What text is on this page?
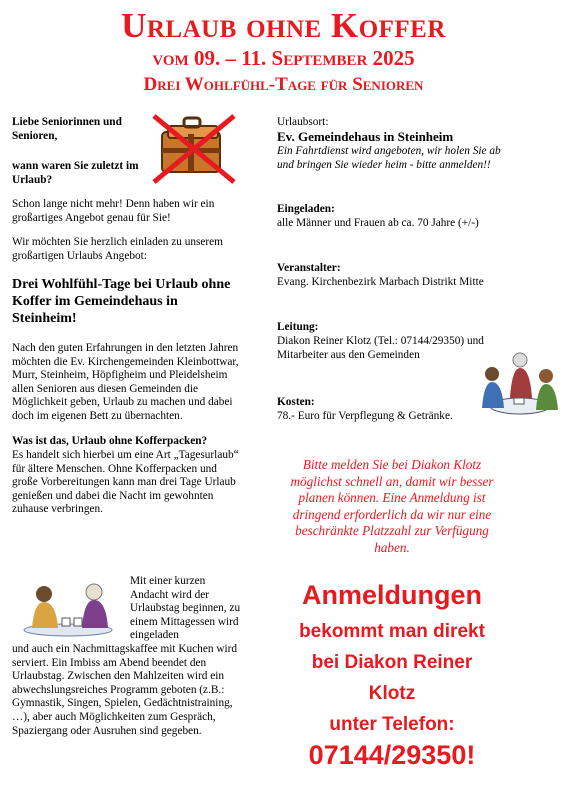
Urlaub ohne Koffer
vom 09. – 11. September 2025
Drei Wohlfühl-Tage für Senioren
Liebe Seniorinnen und Senioren,
wann waren Sie zuletzt im Urlaub?
Schon lange nicht mehr! Denn haben wir ein großartiges Angebot genau für Sie!
Wir möchten Sie herzlich einladen zu unserem großartigen Urlaubs Angebot:
Drei Wohlfühl-Tage bei Urlaub ohne Koffer im Gemeindehaus in Steinheim!
Nach den guten Erfahrungen in den letzten Jahren möchten die Ev. Kirchengemeinden Kleinbottwar, Murr, Steinheim, Höpfigheim und Pleidelsheim allen Senioren aus diesen Gemeinden die Möglichkeit geben, Urlaub zu machen und dabei doch im eigenen Bett zu übernachten.
Was ist das, Urlaub ohne Kofferpacken?
Es handelt sich hierbei um eine Art „Tagesurlaub“ für ältere Menschen. Ohne Kofferpacken und große Vorbereitungen kann man drei Tage Urlaub genießen und dabei die Nacht im gewohnten zuhause verbringen.
Mit einer kurzen Andacht wird der Urlaubstag beginnen, zu einem Mittagessen wird eingeladen
und auch ein Nachmittagskaffee mit Kuchen wird serviert. Ein Imbiss am Abend beendet den Urlaubstag. Zwischen den Mahlzeiten wird ein abwechslungsreiches Programm geboten (z.B.: Gymnastik, Singen, Spielen, Gedächtnistraining, …), aber auch Möglichkeiten zum Gespräch, Spaziergang oder Ausruhen sind gegeben.
Urlaubsort:
Ev. Gemeindehaus in Steinheim
Ein Fahrtdienst wird angeboten, wir holen Sie ab und bringen Sie wieder heim - bitte anmelden!!
Eingeladen:
alle Männer und Frauen ab ca. 70 Jahre (+/-)
Veranstalter:
Evang. Kirchenbezirk Marbach Distrikt Mitte
Leitung:
Diakon Reiner Klotz (Tel.: 07144/29350) und Mitarbeiter aus den Gemeinden
Kosten:
78.- Euro für Verpflegung & Getränke.
Bitte melden Sie bei Diakon Klotz möglichst schnell an, damit wir besser planen können. Eine Anmeldung ist dringend erforderlich da wir nur eine beschränkte Platzzahl zur Verfügung haben.
Anmeldungen
bekommt man direkt
bei Diakon Reiner
Klotz
unter Telefon:
07144/29350!
